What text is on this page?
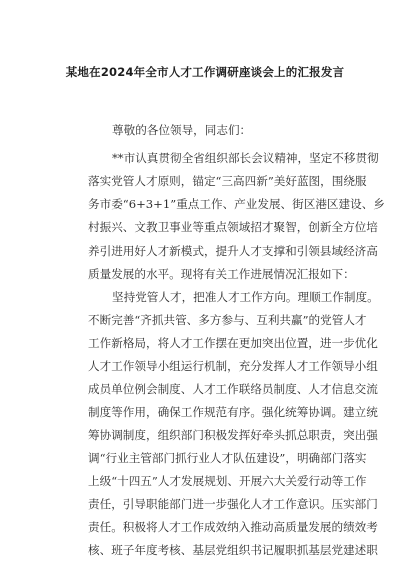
某地在2024年全市人才工作调研座谈会上的汇报发言
尊敬的各位领导，同志们：
**市认真贯彻全省组织部长会议精神，坚定不移贯彻
落实党管人才原则，锚定“三高四新”美好蓝图，围绕服
务市委“6+3+1”重点工作、产业发展、街区港区建设、乡
村振兴、文教卫事业等重点领域招才聚智，创新全方位培
养引进用好人才新模式，提升人才支撑和引领县域经济高
质量发展的水平。现将有关工作进展情况汇报如下：
坚持党管人才，把准人才工作方向。理顺工作制度。
不断完善“齐抓共管、多方参与、互利共赢”的党管人才
工作新格局，将人才工作摆在更加突出位置，进一步优化
人才工作领导小组运行机制，充分发挥人才工作领导小组
成员单位例会制度、人才工作联络员制度、人才信息交流
制度等作用，确保工作规范有序。强化统筹协调。建立统
筹协调制度，组织部门积极发挥好牵头抓总职责，突出强
调“行业主管部门抓行业人才队伍建设”，明确部门落实
上级“十四五”人才发展规划、开展六大关爱行动等工作
责任，引导职能部门进一步强化人才工作意识。压实部门
责任。积极将人才工作成效纳入推动高质量发展的绩效考
核、班子年度考核、基层党组织书记履职抓基层党建述职
